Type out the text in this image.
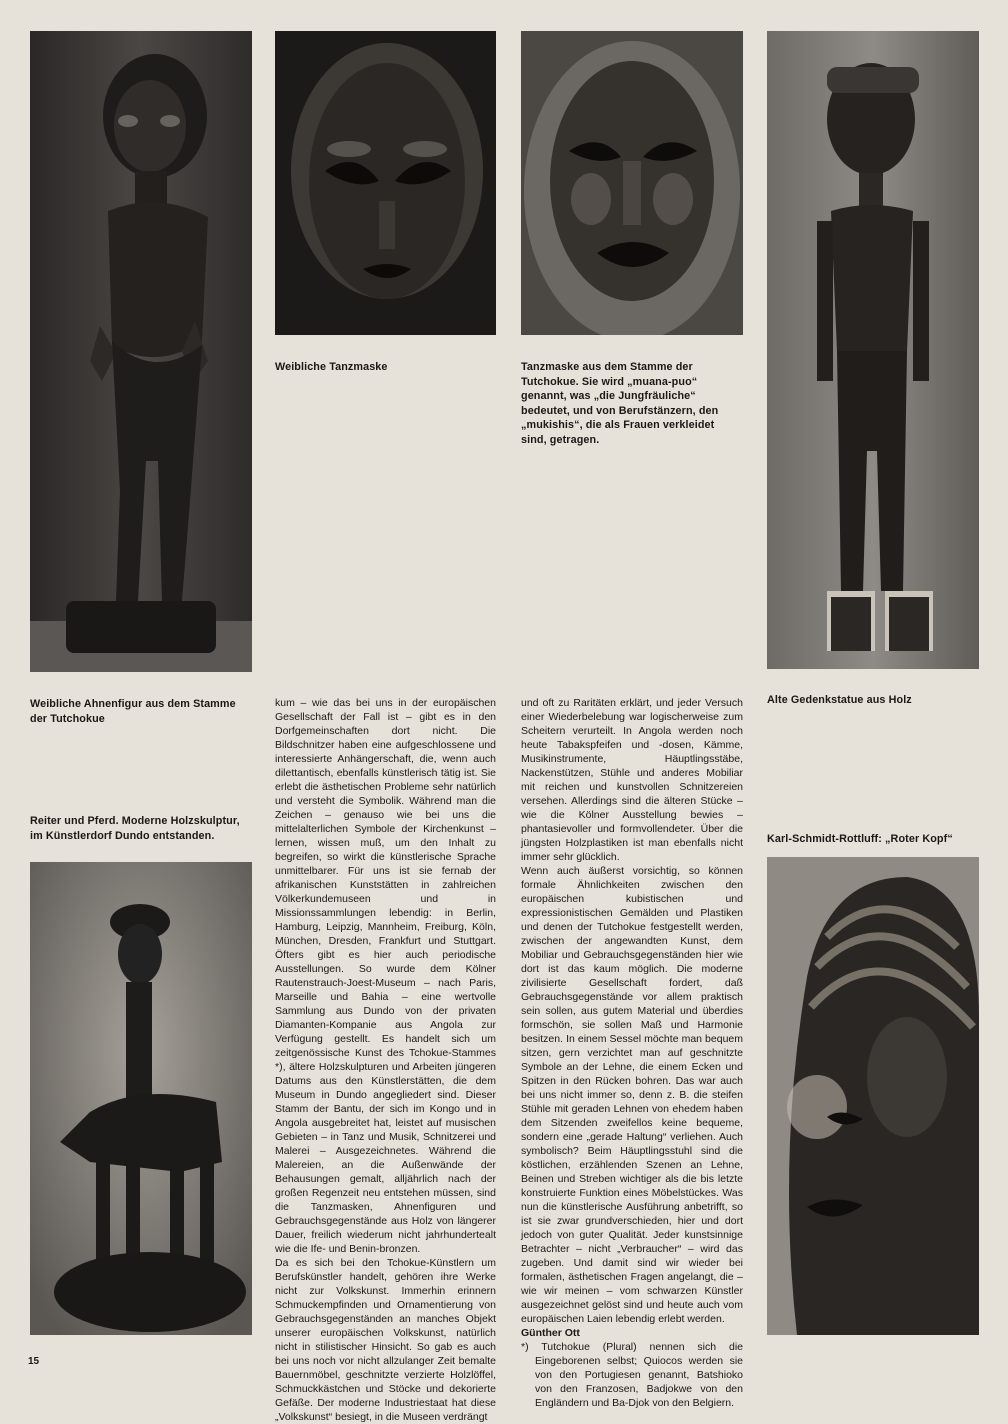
Weibliche Ahnenfigur aus dem Stamme der Tutchokue
Reiter und Pferd. Moderne Holzskulptur, im Künstlerdorf Dundo entstanden.
Weibliche Tanzmaske	Tanzmaske aus dem Stamme der Tutchokue. Sie wird „muana-puo“ genannt, was „die Jungfräuliche“ bedeutet, und von Berufstänzern, den „mukishis“, die als Frauen verkleidet sind, getragen.
Alte Gedenkstatue aus Holz
Karl-Schmidt-Rottluff: „Roter Kopf“

kum – wie das bei uns in der europäischen Gesellschaft der Fall ist – gibt es in den Dorfgemeinschaften dort nicht. Die Bildschnitzer haben eine aufgeschlossene und interessierte Anhängerschaft, die, wenn auch dilettantisch, ebenfalls künstlerisch tätig ist. Sie erlebt die ästhetischen Probleme sehr natürlich und versteht die Symbolik. Während man die Zeichen – genauso wie bei uns die mittelalterlichen Symbole der Kirchenkunst – lernen, wissen muß, um den Inhalt zu begreifen, so wirkt die künstlerische Sprache unmittelbarer. Für uns ist sie fernab der afrikanischen Kunststätten in zahlreichen Völkerkundemuseen und in Missionssammlungen lebendig: in Berlin, Hamburg, Leipzig, Mannheim, Freiburg, Köln, München, Dresden, Frankfurt und Stuttgart. Öfters gibt es hier auch periodische Ausstellungen. So wurde dem Kölner Rautenstrauch-Joest-Museum – nach Paris, Marseille und Bahia – eine wertvolle Sammlung aus Dundo von der privaten Diamanten-Kompanie aus Angola zur Verfügung gestellt. Es handelt sich um zeitgenössische Kunst des Tchokue-Stammes *), ältere Holzskulpturen und Arbeiten jüngeren Datums aus den Künstlerstätten, die dem Museum in Dundo angegliedert sind. Dieser Stamm der Bantu, der sich im Kongo und in Angola ausgebreitet hat, leistet auf musischen Gebieten – in Tanz und Musik, Schnitzerei und Malerei – Ausgezeichnetes. Während die Malereien, an die Außenwände der Behausungen gemalt, alljährlich nach der großen Regenzeit neu entstehen müssen, sind die Tanzmasken, Ahnenfiguren und Gebrauchsgegenstände aus Holz von längerer Dauer, freilich wiederum nicht jahrhundertealt wie die Ife- und Benin-bronzen.

Da es sich bei den Tchokue-Künstlern um Berufskünstler handelt, gehören ihre Werke nicht zur Volkskunst. Immerhin erinnern Schmuckempfinden und Ornamentierung von Gebrauchsgegenständen an manches Objekt unserer europäischen Volkskunst, natürlich nicht in stilistischer Hinsicht. So gab es auch bei uns noch vor nicht allzulanger Zeit bemalte Bauernmöbel, geschnitzte verzierte Holzlöffel, Schmuckkästchen und Stöcke und dekorierte Gefäße. Der moderne Industriestaat hat diese „Volkskunst“ besiegt, in die Museen verdrängt

und oft zu Raritäten erklärt, und jeder Versuch einer Wiederbelebung war logischerweise zum Scheitern verurteilt. In Angola werden noch heute Tabakspfeifen und -dosen, Kämme, Musikinstrumente, Häuptlingsstäbe, Nackenstützen, Stühle und anderes Mobiliar mit reichen und kunstvollen Schnitzereien versehen. Allerdings sind die älteren Stücke – wie die Kölner Ausstellung bewies – phantasievoller und formvollendeter. Über die jüngsten Holzplastiken ist man ebenfalls nicht immer sehr glücklich.

Wenn auch äußerst vorsichtig, so können formale Ähnlichkeiten zwischen den europäischen kubistischen und expressionistischen Gemälden und Plastiken und denen der Tutchokue festgestellt werden, zwischen der angewandten Kunst, dem Mobiliar und Gebrauchsgegenständen hier wie dort ist das kaum möglich. Die moderne zivilisierte Gesellschaft fordert, daß Gebrauchsgegenstände vor allem praktisch sein sollen, aus gutem Material und überdies formschön, sie sollen Maß und Harmonie besitzen. In einem Sessel möchte man bequem sitzen, gern verzichtet man auf geschnitzte Symbole an der Lehne, die einem Ecken und Spitzen in den Rücken bohren. Das war auch bei uns nicht immer so, denn z. B. die steifen Stühle mit geraden Lehnen von ehedem haben dem Sitzenden zweifellos keine bequeme, sondern eine „gerade Haltung“ verliehen. Auch symbolisch? Beim Häuptlingsstuhl sind die köstlichen, erzählenden Szenen an Lehne, Beinen und Streben wichtiger als die bis letzte konstruierte Funktion eines Möbelstückes. Was nun die künstlerische Ausführung anbetrifft, so ist sie zwar grundverschieden, hier und dort jedoch von guter Qualität. Jeder kunstsinnige Betrachter – nicht „Verbraucher“ – wird das zugeben. Und damit sind wir wieder bei formalen, ästhetischen Fragen angelangt, die – wie wir meinen – vom schwarzen Künstler ausgezeichnet gelöst sind und heute auch vom europäischen Laien lebendig erlebt werden.

Günther Ott

*) Tutchokue (Plural) nennen sich die Eingeborenen selbst; Quiocos werden sie von den Portugiesen genannt, Batshioko von den Franzosen, Badjokwe von den Engländern und Ba-Djok von den Belgiern.

15
